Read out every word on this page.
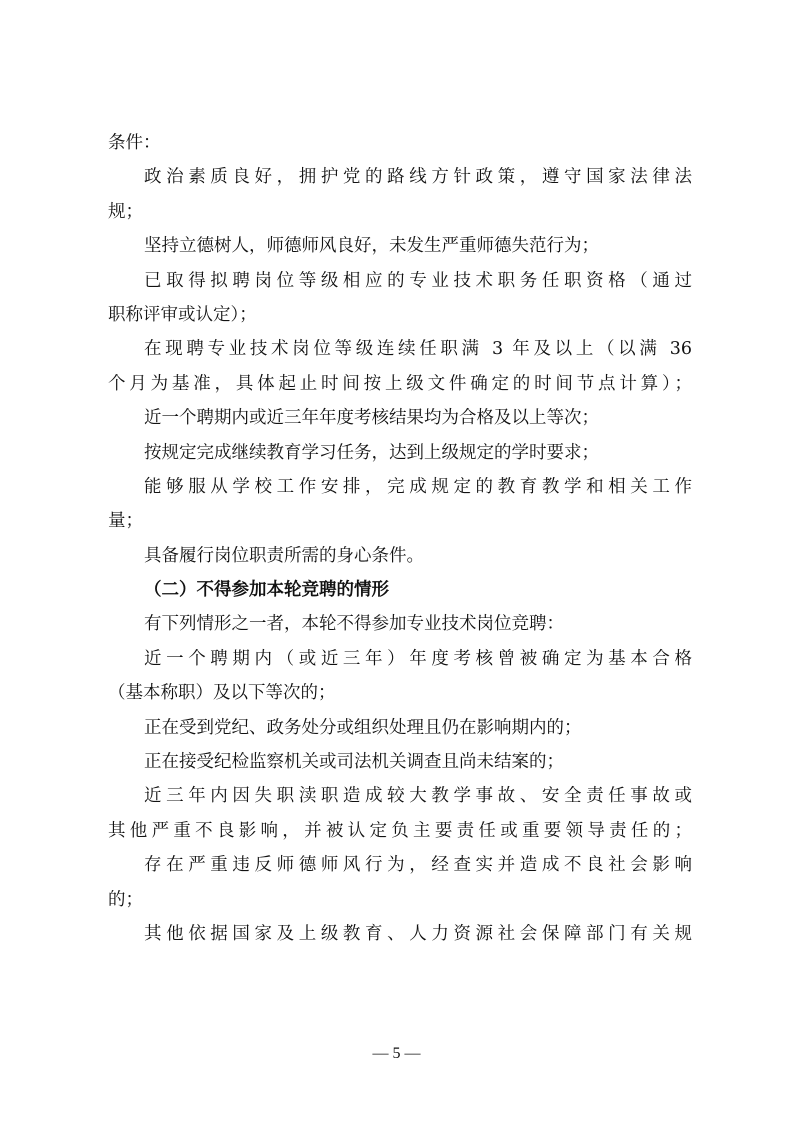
条件：
政治素质良好，拥护党的路线方针政策，遵守国家法律法
规；
坚持立德树人，师德师风良好，未发生严重师德失范行为；
已取得拟聘岗位等级相应的专业技术职务任职资格（通过
职称评审或认定）；
在现聘专业技术岗位等级连续任职满 3 年及以上（以满 36
个月为基准，具体起止时间按上级文件确定的时间节点计算）；
近一个聘期内或近三年年度考核结果均为合格及以上等次；
按规定完成继续教育学习任务，达到上级规定的学时要求；
能够服从学校工作安排，完成规定的教育教学和相关工作
量；
具备履行岗位职责所需的身心条件。
（二）不得参加本轮竞聘的情形
有下列情形之一者，本轮不得参加专业技术岗位竞聘：
近一个聘期内（或近三年）年度考核曾被确定为基本合格
（基本称职）及以下等次的；
正在受到党纪、政务处分或组织处理且仍在影响期内的；
正在接受纪检监察机关或司法机关调查且尚未结案的；
近三年内因失职渎职造成较大教学事故、安全责任事故或
其他严重不良影响，并被认定负主要责任或重要领导责任的；
存在严重违反师德师风行为，经查实并造成不良社会影响
的；
其他依据国家及上级教育、人力资源社会保障部门有关规
— 5 —
